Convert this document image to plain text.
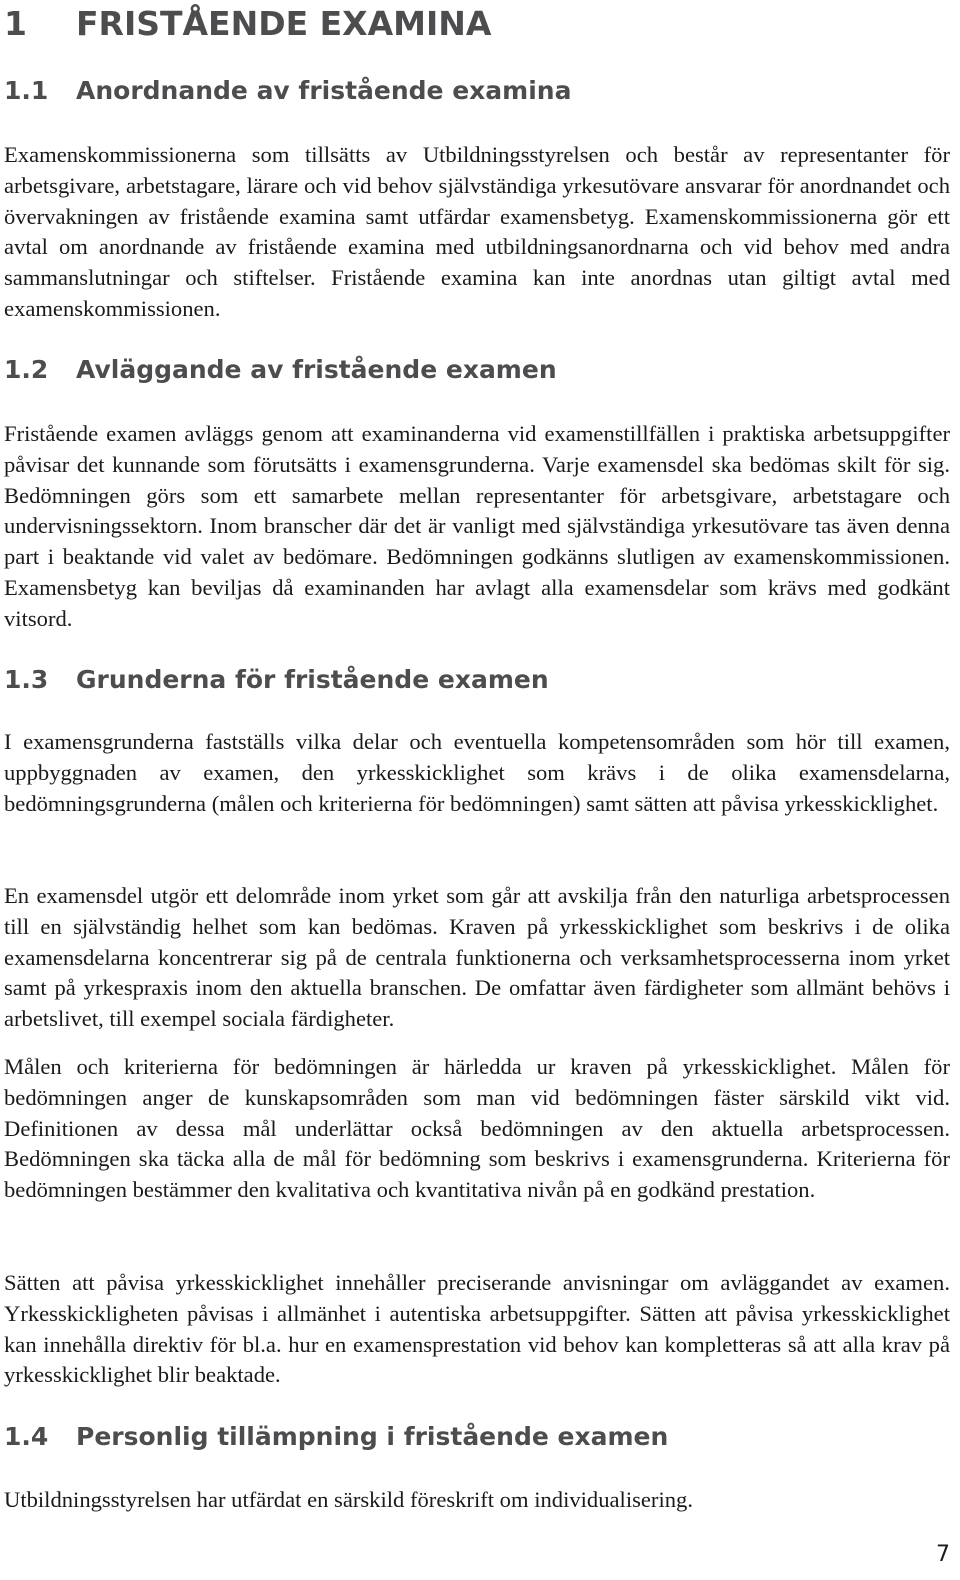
1 FRISTÅENDE EXAMINA
1.1 Anordnande av fristående examina

Examenskommissionerna som tillsätts av Utbildningsstyrelsen och består av representanter för arbetsgivare, arbetstagare, lärare och vid behov självständiga yrkesutövare ansvarar för anordnandet och övervakningen av fristående examina samt utfärdar examensbetyg. Examenskommissionerna gör ett avtal om anordnande av fristående examina med utbildningsanordnarna och vid behov med andra sammanslutningar och stiftelser. Fristående examina kan inte anordnas utan giltigt avtal med examenskommissionen.

1.2 Avläggande av fristående examen

Fristående examen avläggs genom att examinanderna vid examenstillfällen i praktiska arbetsuppgifter påvisar det kunnande som förutsätts i examensgrunderna. Varje examensdel ska bedömas skilt för sig. Bedömningen görs som ett samarbete mellan representanter för arbetsgivare, arbetstagare och undervisningssektorn. Inom branscher där det är vanligt med självständiga yrkesutövare tas även denna part i beaktande vid valet av bedömare. Bedömningen godkänns slutligen av examenskommissionen. Examensbetyg kan beviljas då examinanden har avlagt alla examensdelar som krävs med godkänt vitsord.

1.3 Grunderna för fristående examen

I examensgrunderna fastställs vilka delar och eventuella kompetensområden som hör till examen, uppbyggnaden av examen, den yrkesskicklighet som krävs i de olika examensdelarna, bedömningsgrunderna (målen och kriterierna för bedömningen) samt sätten att påvisa yrkesskicklighet.

En examensdel utgör ett delområde inom yrket som går att avskilja från den naturliga arbetsprocessen till en självständig helhet som kan bedömas. Kraven på yrkesskicklighet som beskrivs i de olika examensdelarna koncentrerar sig på de centrala funktionerna och verksamhetsprocesserna inom yrket samt på yrkespraxis inom den aktuella branschen. De omfattar även färdigheter som allmänt behövs i arbetslivet, till exempel sociala färdigheter.

Målen och kriterierna för bedömningen är härledda ur kraven på yrkesskicklighet. Målen för bedömningen anger de kunskapsområden som man vid bedömningen fäster särskild vikt vid. Definitionen av dessa mål underlättar också bedömningen av den aktuella arbetsprocessen. Bedömningen ska täcka alla de mål för bedömning som beskrivs i examensgrunderna. Kriterierna för bedömningen bestämmer den kvalitativa och kvantitativa nivån på en godkänd prestation.

Sätten att påvisa yrkesskicklighet innehåller preciserande anvisningar om avläggandet av examen. Yrkesskickligheten påvisas i allmänhet i autentiska arbetsuppgifter. Sätten att påvisa yrkesskicklighet kan innehålla direktiv för bl.a. hur en examensprestation vid behov kan kompletteras så att alla krav på yrkesskicklighet blir beaktade.

1.4 Personlig tillämpning i fristående examen

Utbildningsstyrelsen har utfärdat en särskild föreskrift om individualisering.

7
